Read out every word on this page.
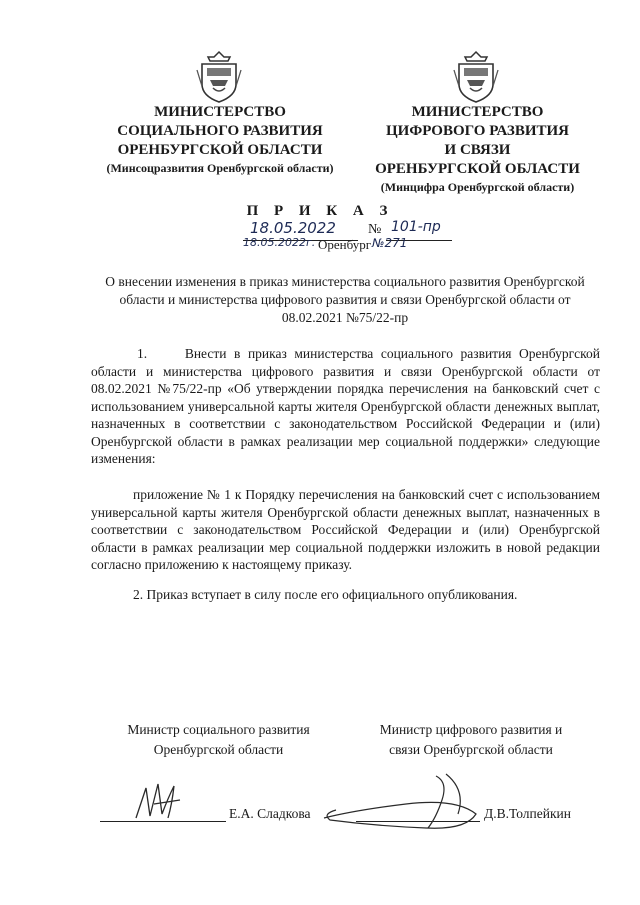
МИНИСТЕРСТВО
СОЦИАЛЬНОГО РАЗВИТИЯ
ОРЕНБУРГСКОЙ ОБЛАСТИ
(Минсоцразвития Оренбургской области)
МИНИСТЕРСТВО
ЦИФРОВОГО РАЗВИТИЯ
И СВЯЗИ
ОРЕНБУРГСКОЙ ОБЛАСТИ
(Минцифра Оренбургской области)
П Р И К А З
18.05.2022 № 101-пр
18.05.2022г. Оренбург №271
О внесении изменения в приказ министерства социального развития Оренбургской области и министерства цифрового развития и связи Оренбургской области от 08.02.2021 №75/22-пр
1.     Внести в приказ министерства социального развития Оренбургской области и министерства цифрового развития и связи Оренбургской области от 08.02.2021 №75/22-пр «Об утверждении порядка перечисления на банковский счет с использованием универсальной карты жителя Оренбургской области денежных выплат, назначенных в соответствии с законодательством Российской Федерации и (или) Оренбургской области в рамках реализации мер социальной поддержки» следующие изменения:
приложение № 1 к Порядку перечисления на банковский счет с использованием универсальной карты жителя Оренбургской области денежных выплат, назначенных в соответствии с законодательством Российской Федерации и (или) Оренбургской области в рамках реализации мер социальной поддержки изложить в новой редакции согласно приложению к настоящему приказу.
2. Приказ вступает в силу после его официального опубликования.
Министр социального развития
Оренбургской области
Министр цифрового развития и
связи Оренбургской области
Е.А. Сладкова	Д.В.Толпейкин
